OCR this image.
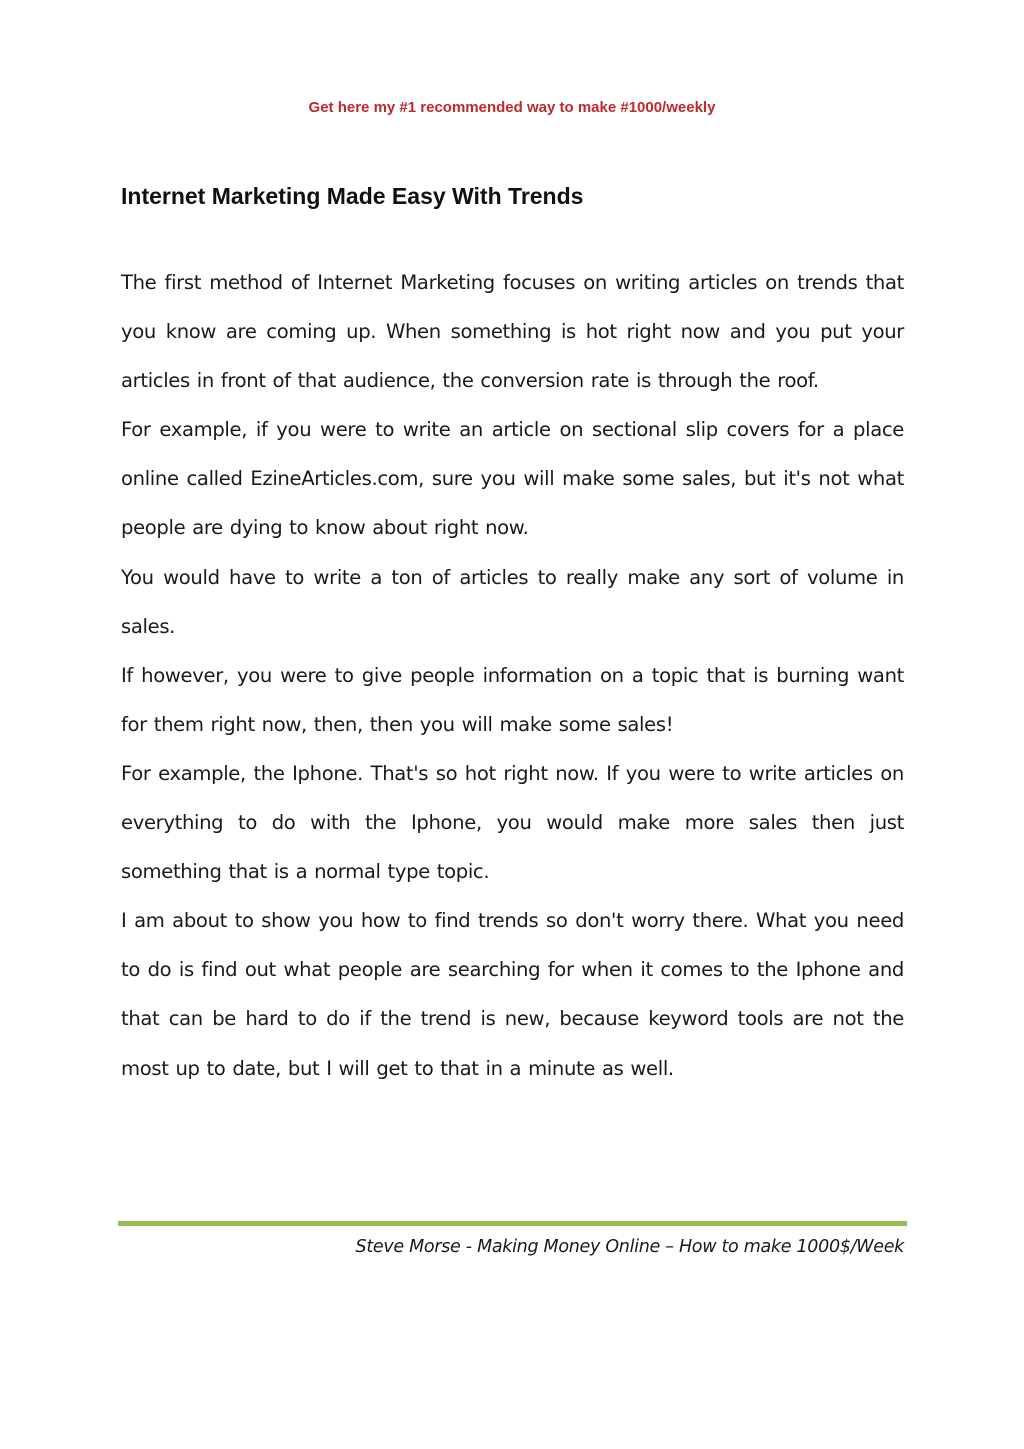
Get here my #1 recommended way to make #1000/weekly
Internet Marketing Made Easy With Trends

The first method of Internet Marketing focuses on writing articles on trends that you know are coming up. When something is hot right now and you put your articles in front of that audience, the conversion rate is through the roof.

For example, if you were to write an article on sectional slip covers for a place online called EzineArticles.com, sure you will make some sales, but it's not what people are dying to know about right now.

You would have to write a ton of articles to really make any sort of volume in sales.

If however, you were to give people information on a topic that is burning want for them right now, then, then you will make some sales!

For example, the Iphone. That's so hot right now. If you were to write articles on everything to do with the Iphone, you would make more sales then just something that is a normal type topic.

I am about to show you how to find trends so don't worry there. What you need to do is find out what people are searching for when it comes to the Iphone and that can be hard to do if the trend is new, because keyword tools are not the most up to date, but I will get to that in a minute as well.

Steve Morse - Making Money Online – How to make 1000$/Week
